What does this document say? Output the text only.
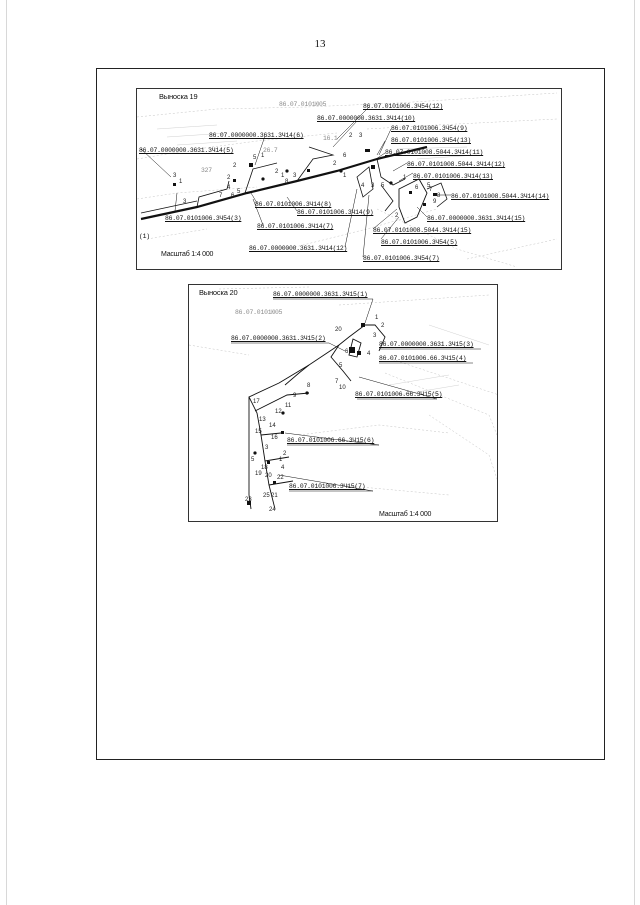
13
Выноска 19
Масштаб 1:4 000
86.07.0101Ю05
16.1
327
26.7
86.07.0101006.3Ч54(12)
86.07.0000000.3631.3Ч14(10)
86.07.0101006.3Ч54(9)
86.07.0000000.3631.3Ч14(6)
86.07.0101006.3Ч54(13)
86.07.0000000.3631.3Ч14(5)	86.07.0101008.5044.3Ч14(11)
86.07.0101008.5044.3Ч14(12)
86.07.0101006.3Ч14(13)
86.07.0101008.5044.3Ч14(14)
86.07.0101006.3Ч54(3)
86.07.0101006.3Ч14(8)
86.07.0101006.3Ч14(9)
86.07.0000000.3631.3Ч14(15)
86.07.0101006.3Ч14(7)
86.07.0101008.5044.3Ч14(15)
86.07.0101006.3Ч54(5)
86.07.0000000.3631.3Ч14(12)
86.07.0101006.3Ч54(7)
(1)
2 3
2
1
5
3
1
3
4
2
5
7 6
2
1
8
3
6
2
1
4 3 5	6 7
8
9
5
1
2
Выноска 20
Масштаб 1:4 000
86.07.0101Ю05
86.07.0000000.3631.3Ч15(1)
86.07.0000000.3631.3Ч15(2)
86.07.0000000.3631.3Ч15(3)
86.07.0101006.66.3Ч15(4)
86.07.0101006.66.3Ч15(5)
86.07.0101006.66.3Ч15(6)
86.07.0101006.3Ч15(7)
20
1
2
3
4
5
6
7
8
9
10
11
12
13
14
15
16
17
18
19 20
21
22
23
24
25
1
2
3
4
5
